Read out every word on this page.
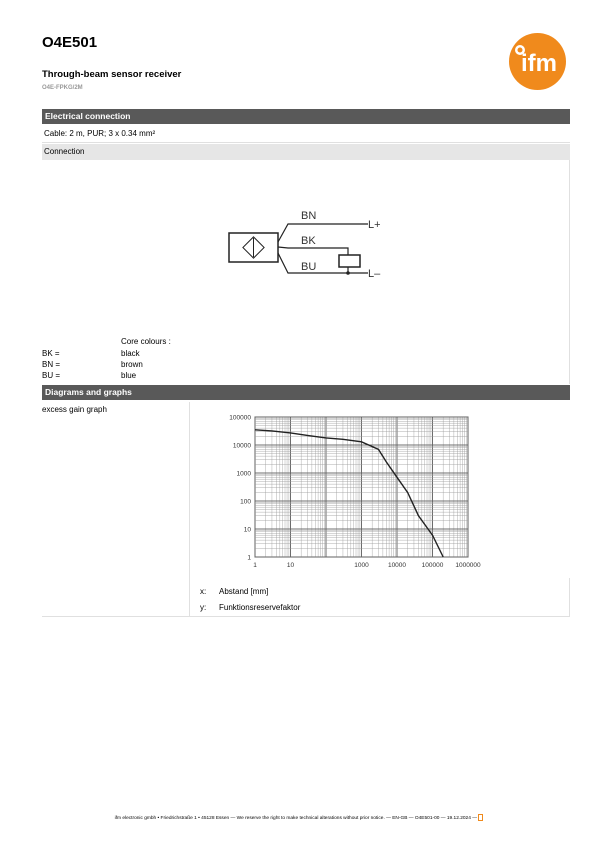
O4E501
Through-beam sensor receiver
O4E-FPKG/2M
ifm
Electrical connection
Cable: 2 m, PUR; 3 x 0.34 mm²
Connection
BN
BK
BU
L+
L–
Core colours :
BK =	black
BN =	brown
BU =	blue
Diagrams and graphs
excess gain graph
1	10	1000	10000 100000 1000000
100000
10000
1000
100
10
1
x: Abstand [mm]
y: Funktionsreservefaktor
ifm electronic gmbh • Friedrichstraße 1 • 45128 Essen — We reserve the right to make technical alterations without prior notice. — EN-GB — O4E501-00 — 19.12.2024 —
